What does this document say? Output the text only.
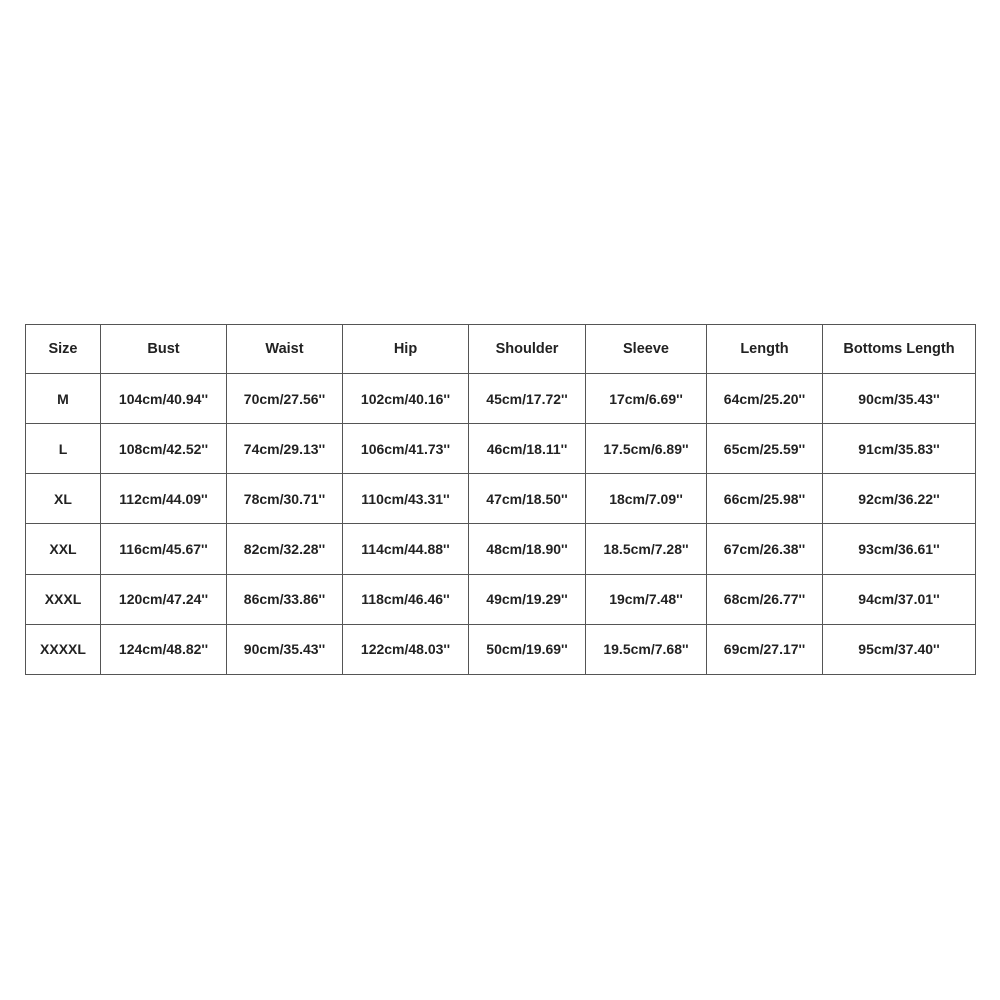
Size	Bust	Waist	Hip	Shoulder	Sleeve	Length	Bottoms Length
M	104cm/40.94''	70cm/27.56''	102cm/40.16''	45cm/17.72''	17cm/6.69''	64cm/25.20''	90cm/35.43''
L	108cm/42.52''	74cm/29.13''	106cm/41.73''	46cm/18.11''	17.5cm/6.89''	65cm/25.59''	91cm/35.83''
XL	112cm/44.09''	78cm/30.71''	110cm/43.31''	47cm/18.50''	18cm/7.09''	66cm/25.98''	92cm/36.22''
XXL	116cm/45.67''	82cm/32.28''	114cm/44.88''	48cm/18.90''	18.5cm/7.28''	67cm/26.38''	93cm/36.61''
XXXL	120cm/47.24''	86cm/33.86''	118cm/46.46''	49cm/19.29''	19cm/7.48''	68cm/26.77''	94cm/37.01''
XXXXL	124cm/48.82''	90cm/35.43''	122cm/48.03''	50cm/19.69''	19.5cm/7.68''	69cm/27.17''	95cm/37.40''
